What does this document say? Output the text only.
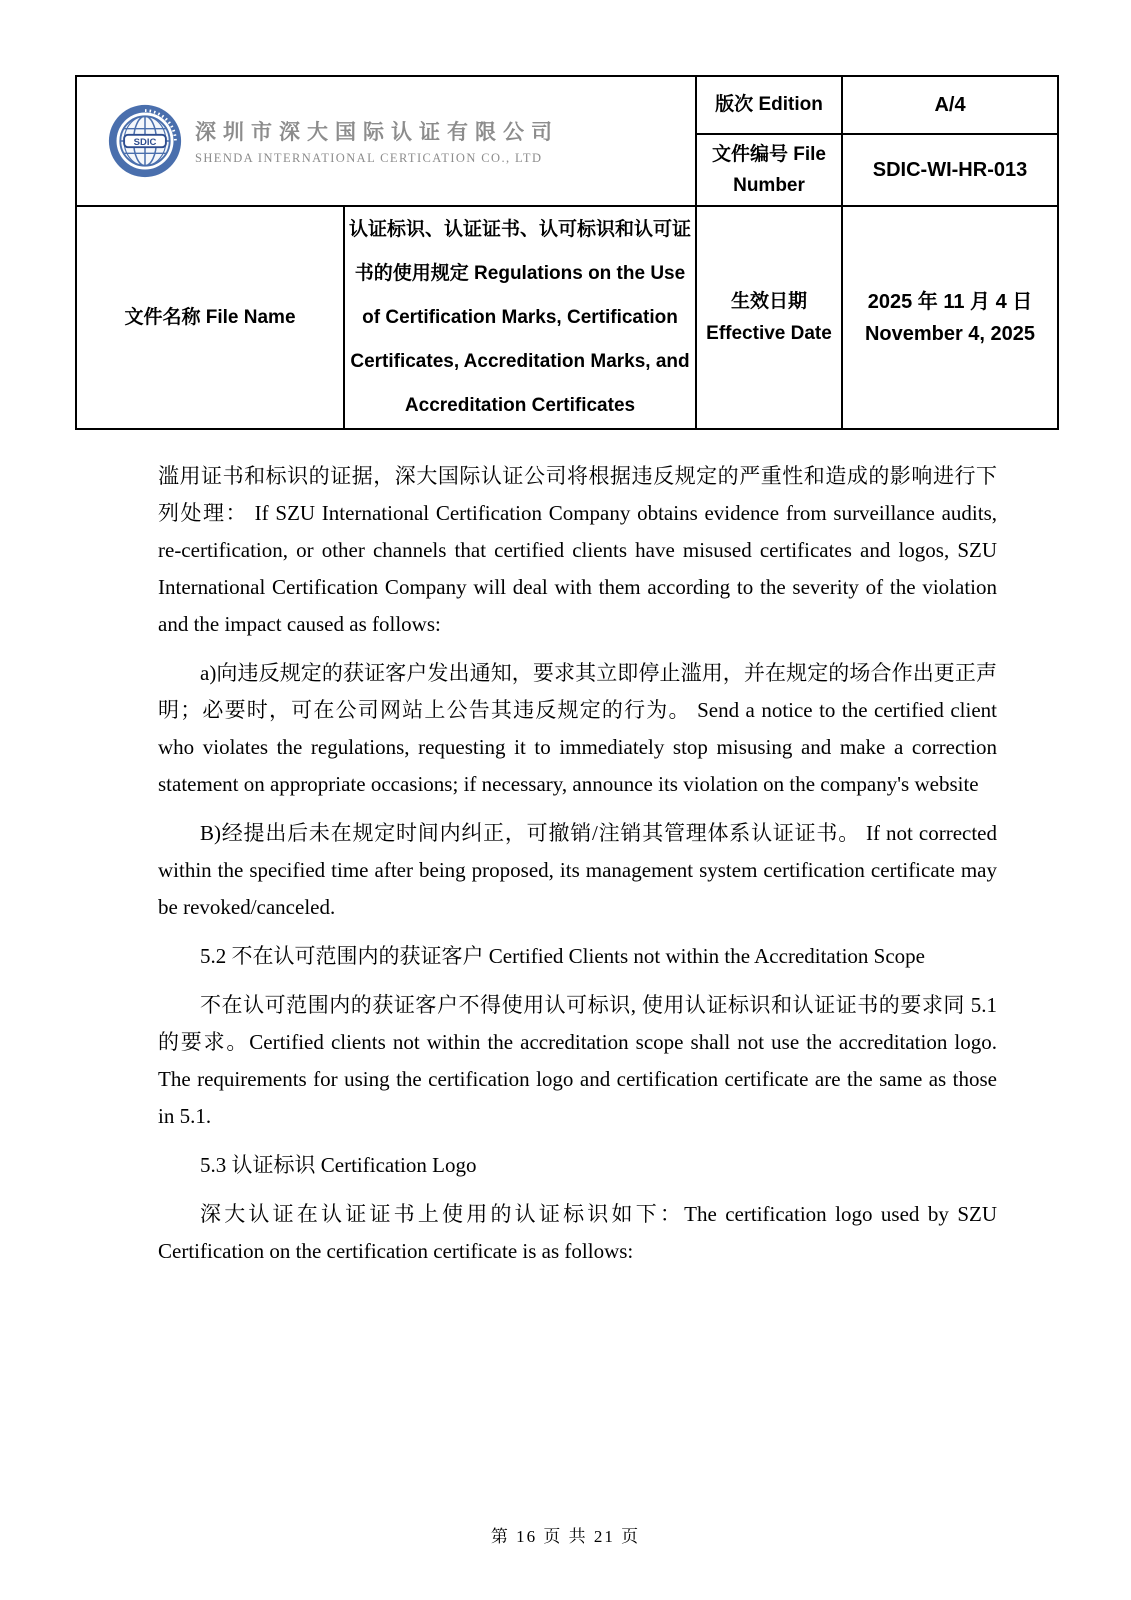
SDIC 深圳市深大国际认证有限公司
SHENDA INTERNATIONAL CERTICATION CO., LTD		版次 Edition	A/4
		文件编号 File Number	SDIC-WI-HR-013
文件名称 File Name	认证标识、认证证书、认可标识和认可证书的使用规定 Regulations on the Use of Certification Marks, Certification Certificates, Accreditation Marks, and Accreditation Certificates	生效日期 Effective Date	2025 年 11 月 4 日
November 4, 2025

滥用证书和标识的证据，深大国际认证公司将根据违反规定的严重性和造成的影响进行下列处理： If SZU International Certification Company obtains evidence from surveillance audits, re-certification, or other channels that certified clients have misused certificates and logos, SZU International Certification Company will deal with them according to the severity of the violation and the impact caused as follows:

a)向违反规定的获证客户发出通知，要求其立即停止滥用，并在规定的场合作出更正声明；必要时，可在公司网站上公告其违反规定的行为。 Send a notice to the certified client who violates the regulations, requesting it to immediately stop misusing and make a correction statement on appropriate occasions; if necessary, announce its violation on the company's website

B)经提出后未在规定时间内纠正，可撤销/注销其管理体系认证证书。 If not corrected within the specified time after being proposed, its management system certification certificate may be revoked/canceled.

5.2 不在认可范围内的获证客户 Certified Clients not within the Accreditation Scope

不在认可范围内的获证客户不得使用认可标识, 使用认证标识和认证证书的要求同 5.1 的要求。Certified clients not within the accreditation scope shall not use the accreditation logo. The requirements for using the certification logo and certification certificate are the same as those in 5.1.

5.3 认证标识 Certification Logo

深大认证在认证证书上使用的认证标识如下：The certification logo used by SZU Certification on the certification certificate is as follows:

第 16 页 共 21 页
